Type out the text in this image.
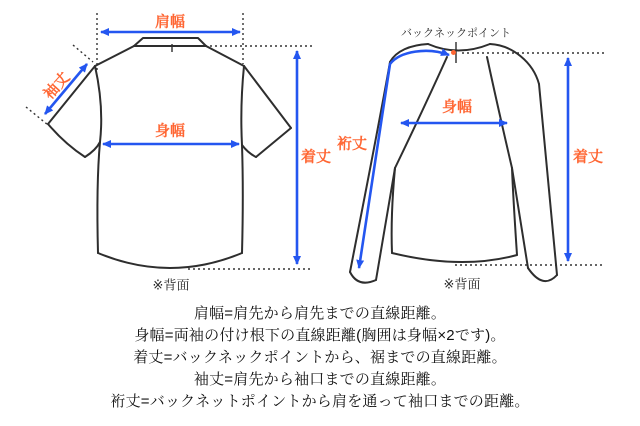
肩幅
身幅
着丈
袖丈
※背面
バックネックポイント
身幅
裄丈
着丈
※背面
肩幅=肩先から肩先までの直線距離。
身幅=両袖の付け根下の直線距離(胸囲は身幅×2です)。
着丈=バックネックポイントから、裾までの直線距離。
袖丈=肩先から袖口までの直線距離。
裄丈=バックネットポイントから肩を通って袖口までの距離。
